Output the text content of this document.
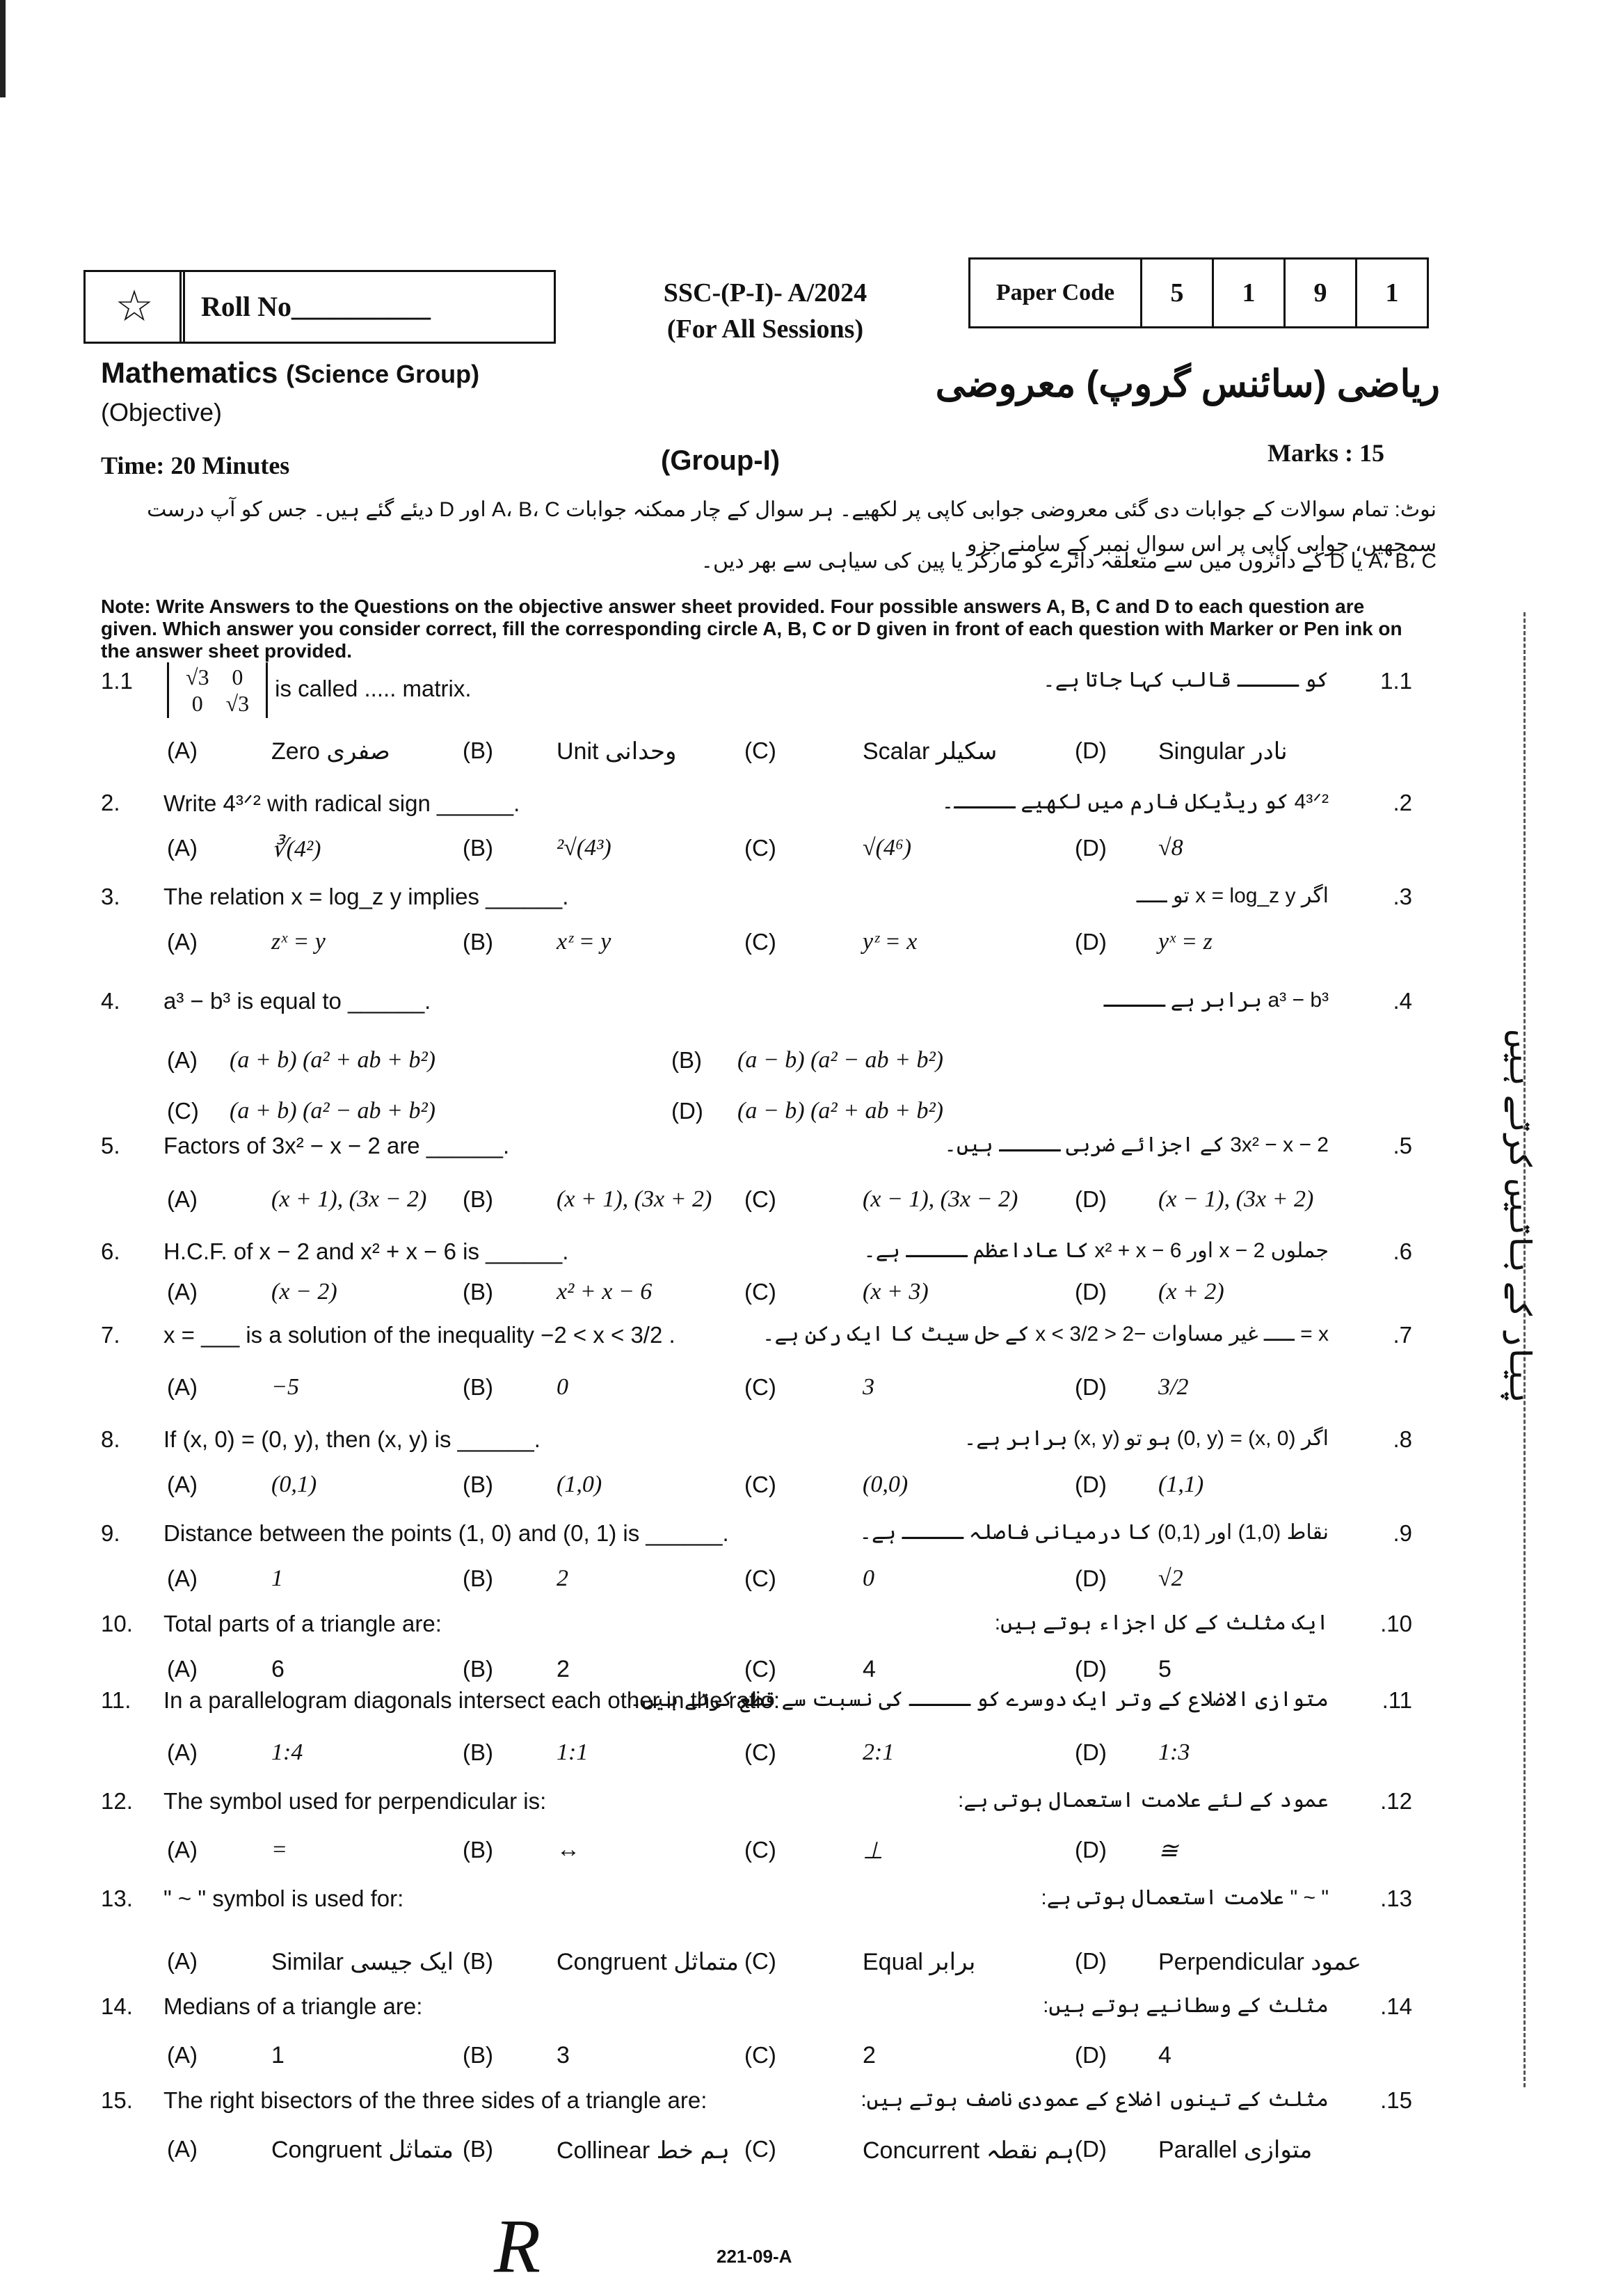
☆	Roll No__________	SSC-(P-I)- A/2024
(For All Sessions)
Paper Code	5	1	9	1
Mathematics (Science Group)
(Objective)
ریاضی (سائنس گروپ) معروضی
Time: 20 Minutes	(Group-I)	Marks : 15
نوٹ: تمام سوالات کے جوابات دی گئی معروضی جوابی کاپی پر لکھیے۔ ہر سوال کے چار ممکنہ جوابات A، B، C اور D دیئے گئے ہیں۔ جس کو آپ درست سمجھیں، جوابی کاپی پر اس سوال نمبر کے سامنے جزو
A، B، C یا D کے دائروں میں سے متعلقہ دائرے کو مارکر یا پین کی سیاہی سے بھر دیں۔
Note: Write Answers to the Questions on the objective answer sheet provided. Four possible answers A, B, C and D to each question are given. Which answer you consider correct, fill the corresponding circle A, B, C or D given in front of each question with Marker or Pen ink on the answer sheet provided.
1.1 √3	0
0	√3
is called ..... matrix.	کو ـــــ قالب کہا جاتا ہے۔ 1.1
(A)	Zero صفری	(B)	Unit وحدانی	(C)	Scalar سکیلر	(D) Singular نادر
2. Write 4³ᐟ² with radical sign ______.	4³ᐟ² کو ریڈیکل فارم میں لکھیے ـــــ۔	.2
(A)	∛(4²)	(B)	²√(4³)	(C)	√(4⁶)	(D) √8
3. The relation x = log_z y implies ______.	اگر x = log_z y تو ـــــ	.3
(A)	zˣ = y	(B)	xᶻ = y	(C)	yᶻ = x	(D) yˣ = z
4. a³ − b³ is equal to ______.	a³ − b³ برابر ہے ـــــ	.4
(A) (a + b) (a² + ab + b²)	(B) (a − b) (a² − ab + b²)
(C) (a + b) (a² − ab + b²)	(D) (a − b) (a² + ab + b²)
5. Factors of 3x² − x − 2 are ______.	3x² − x − 2 کے اجزائے ضربی ـــــ ہیں۔	.5
(A)	(x + 1), (3x − 2) (B)	(x + 1), (3x + 2) (C)	(x − 1), (3x − 2) (D) (x − 1), (3x + 2)
6. H.C.F. of x − 2 and x² + x − 6 is ______.	جملوں x − 2 اور x² + x − 6 کا عاداعظم ـــــ ہے۔	.6
(A)	(x − 2)	(B)	x² + x − 6	(C)	(x + 3)	(D) (x + 2)
7. x = ___ is a solution of the inequality −2 < x < 3/2 .	x = ـــــ غیر مساوات −2 < x < 3/2 کے حل سیٹ کا ایک رکن ہے۔	.7
(A)	−5	(B)	0	(C)	3	(D) 3/2
8. If (x, 0) = (0, y), then (x, y) is ______.	اگر (x, 0) = (0, y) ہو تو (x, y) برابر ہے۔	.8
(A)	(0,1)	(B)	(1,0)	(C)	(0,0)	(D) (1,1)
9. Distance between the points (1, 0) and (0, 1) is ______.	نقاط (1,0) اور (0,1) کا درمیانی فاصلہ ـــــ ہے۔	.9
(A)	1	(B)	2	(C)	0	(D) √2
10. Total parts of a triangle are:	ایک مثلث کے کل اجزاء ہوتے ہیں: .10
(A)	6	(B)	2	(C)	4	(D) 5
11. In a parallelogram diagonals intersect each other in the ratio:
متوازی الاضلاع کے وتر ایک دوسرے کو ـــــ کی نسبت سے قطع کرتے ہیں۔ .11
(A)	1:4	(B)	1:1	(C)	2:1	(D) 1:3
12. The symbol used for perpendicular is:	عمود کے لئے علامت استعمال ہوتی ہے: .12
(A)	=	(B)	↔	(C)	⊥	(D) ≅
13. " ~ " symbol is used for:	" ~ " علامت استعمال ہوتی ہے: .13
(A)	Similar ایک جیسی (B)	Congruent متماثل (C)	Equal برابر	(D) Perpendicular عمود
14. Medians of a triangle are:	مثلث کے وسطانیے ہوتے ہیں: .14
(A)	1	(B)	3	(C)	2	(D) 4
15. The right bisectors of the three sides of a triangle are:	مثلث کے تینوں اضلاع کے عمودی ناصف ہوتے ہیں: .15
(A)	Congruent متماثل (B)	Collinear ہم خط (C)	Concurrent ہم نقطہ (D) Parallel متوازی
221-09-A
R
پیار کے باتیں کرتے ہیں
